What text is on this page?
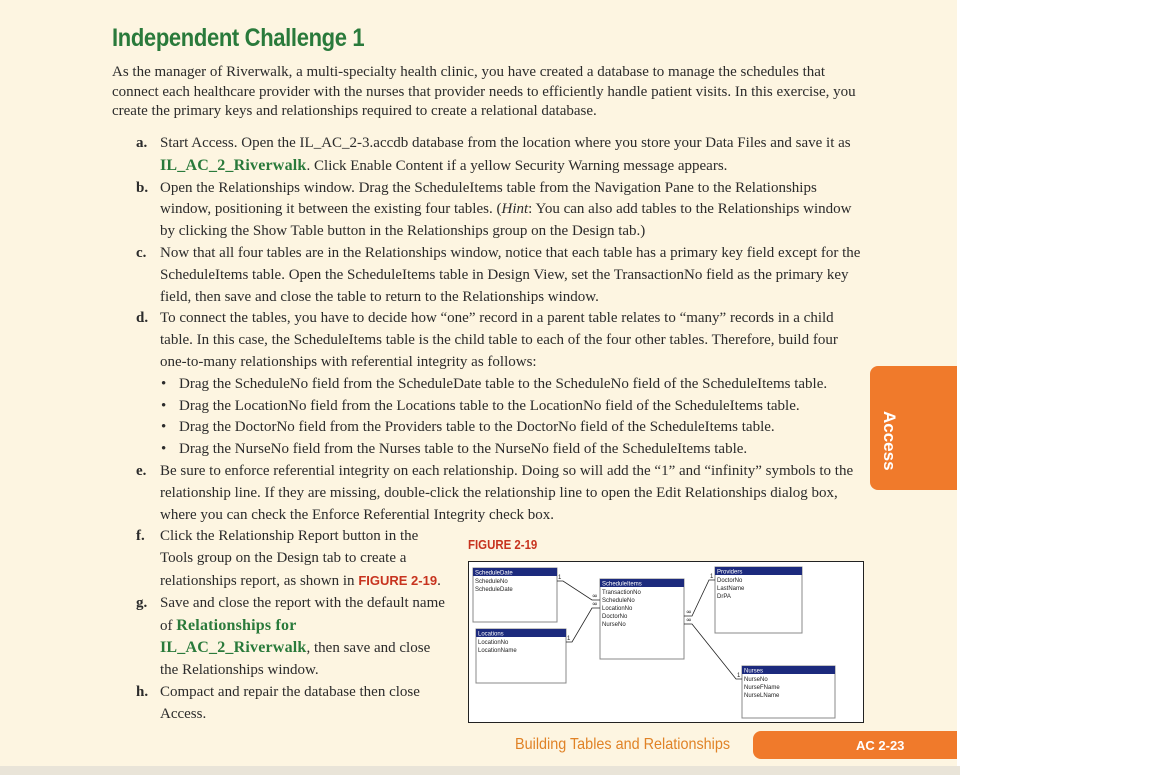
Independent Challenge 1
As the manager of Riverwalk, a multi-specialty health clinic, you have created a database to manage the schedules that connect each healthcare provider with the nurses that provider needs to efficiently handle patient visits. In this exercise, you create the primary keys and relationships required to create a relational database.
a. Start Access. Open the IL_AC_2-3.accdb database from the location where you store your Data Files and save it as IL_AC_2_Riverwalk. Click Enable Content if a yellow Security Warning message appears.
b. Open the Relationships window. Drag the ScheduleItems table from the Navigation Pane to the Relationships window, positioning it between the existing four tables. (Hint: You can also add tables to the Relationships window by clicking the Show Table button in the Relationships group on the Design tab.)
c. Now that all four tables are in the Relationships window, notice that each table has a primary key field except for the ScheduleItems table. Open the ScheduleItems table in Design View, set the TransactionNo field as the primary key field, then save and close the table to return to the Relationships window.
d. To connect the tables, you have to decide how “one” record in a parent table relates to “many” records in a child table. In this case, the ScheduleItems table is the child table to each of the four other tables. Therefore, build four one-to-many relationships with referential integrity as follows:
• Drag the ScheduleNo field from the ScheduleDate table to the ScheduleNo field of the ScheduleItems table.
• Drag the LocationNo field from the Locations table to the LocationNo field of the ScheduleItems table.
• Drag the DoctorNo field from the Providers table to the DoctorNo field of the ScheduleItems table.
• Drag the NurseNo field from the Nurses table to the NurseNo field of the ScheduleItems table.
e. Be sure to enforce referential integrity on each relationship. Doing so will add the “1” and “infinity” symbols to the relationship line. If they are missing, double-click the relationship line to open the Edit Relationships dialog box, where you can check the Enforce Referential Integrity check box.
f. Click the Relationship Report button in the Tools group on the Design tab to create a relationships report, as shown in FIGURE 2-19.
g. Save and close the report with the default name of Relationships for IL_AC_2_Riverwalk, then save and close the Relationships window.
h. Compact and repair the database then close Access.
FIGURE 2-19
ScheduleDate
ScheduleNo
ScheduleDate
ScheduleItems
TransactionNo
ScheduleNo
LocationNo
DoctorNo
NurseNo
Providers
DoctorNo
LastName
DrPA
Locations
LocationNo
LocationName
Nurses
NurseNo
NurseFName
NurseLName
1
∞
1
∞
1
∞
1
∞
Access
Building Tables and Relationships	AC 2-23
